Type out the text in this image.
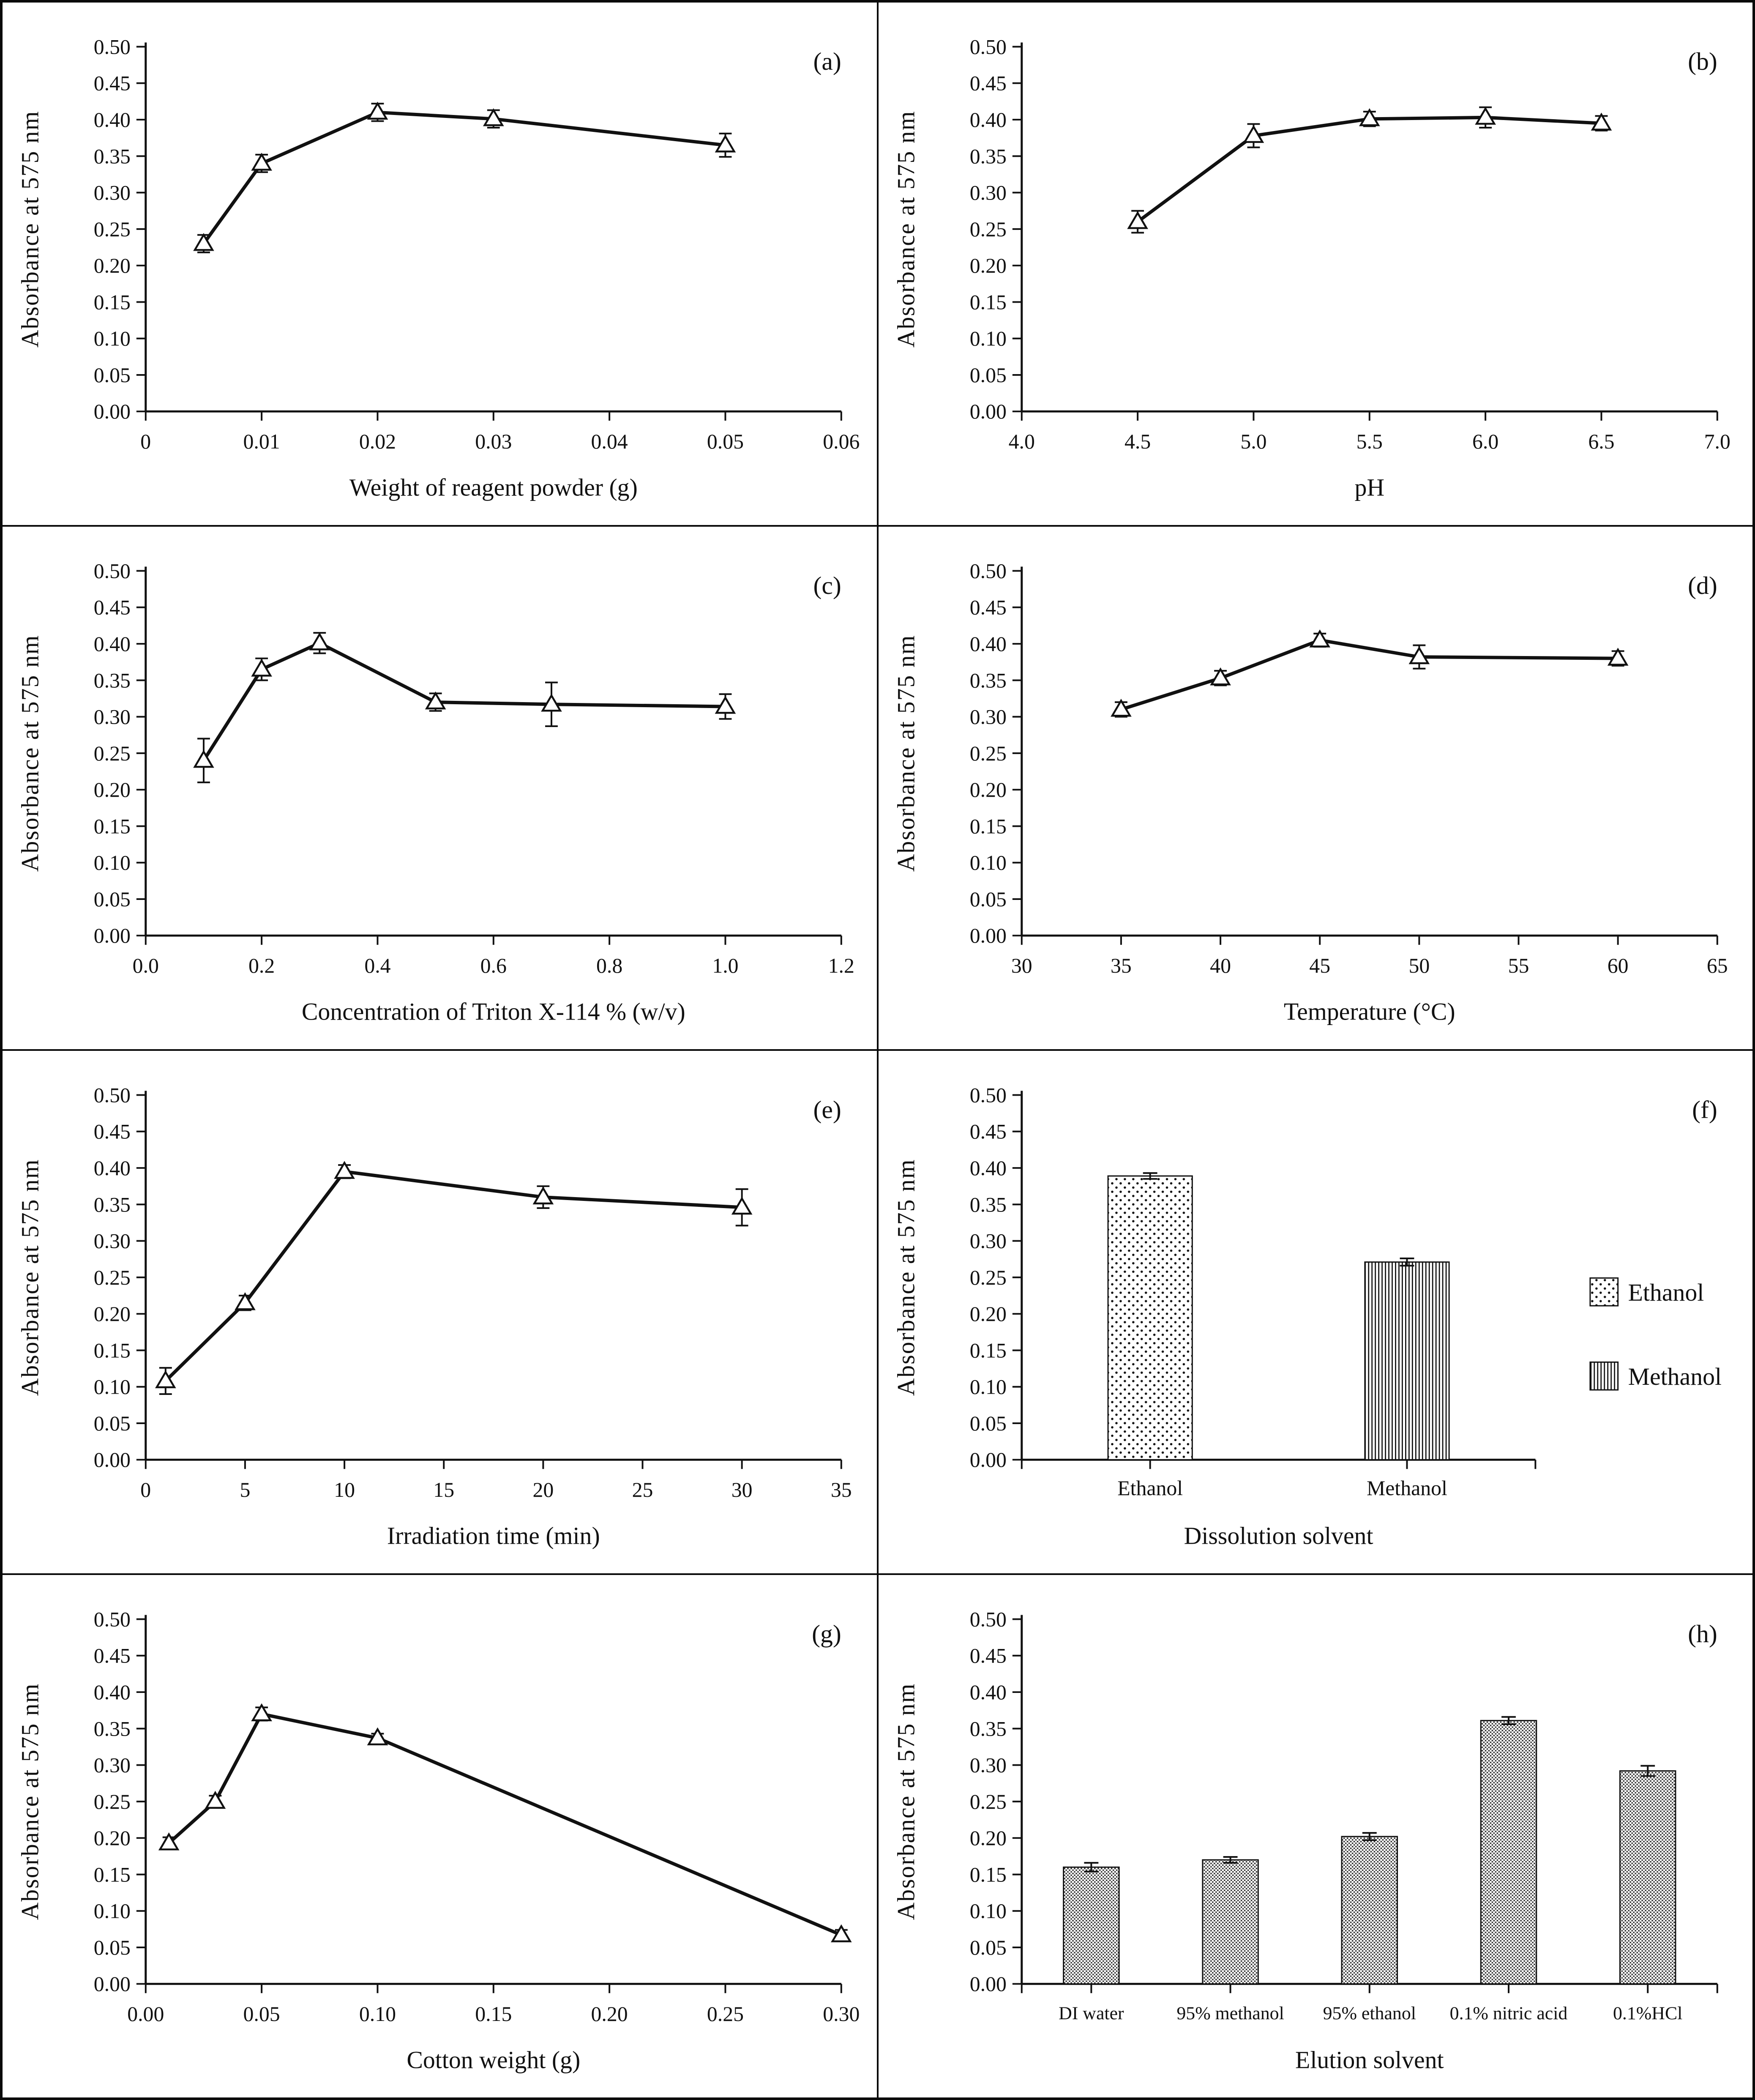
0.00
0.05
0.10
0.15
0.20
0.25
0.30
0.35
0.40
0.45
0.50
0	0.01	0.02	0.03	0.04	0.05	0.06
Weight of reagent powder (g)
Absorbance at 575 nm
(a)
0.00
0.05
0.10
0.15
0.20
0.25
0.30
0.35
0.40
0.45
0.50
4.0	4.5	5.0	5.5	6.0	6.5	7.0
pH
Absorbance at 575 nm
(b)
0.00
0.05
0.10
0.15
0.20
0.25
0.30
0.35
0.40
0.45
0.50
0.0	0.2	0.4	0.6	0.8	1.0	1.2
Concentration of Triton X-114 % (w/v)
Absorbance at 575 nm
(c)
0.00
0.05
0.10
0.15
0.20
0.25
0.30
0.35
0.40
0.45
0.50
30	35	40	45	50	55	60	65
Temperature (°C)
Absorbance at 575 nm
(d)
0.00
0.05
0.10
0.15
0.20
0.25
0.30
0.35
0.40
0.45
0.50
0	5	10	15	20	25	30	35
Irradiation time (min)
Absorbance at 575 nm
(e)
0.00
0.05
0.10
0.15
0.20
0.25
0.30
0.35
0.40
0.45
0.50
Ethanol	Methanol
Ethanol
Methanol
Dissolution solvent
Absorbance at 575 nm
(f)
0.00
0.05
0.10
0.15
0.20
0.25
0.30
0.35
0.40
0.45
0.50
0.00	0.05	0.10	0.15	0.20	0.25	0.30
Cotton weight (g)
Absorbance at 575 nm
(g)
0.00
0.05
0.10
0.15
0.20
0.25
0.30
0.35
0.40
0.45
0.50
DI water	95% methanol 95% ethanol 0.1% nitric acid 0.1%HCl
Elution solvent
Absorbance at 575 nm
(h)
